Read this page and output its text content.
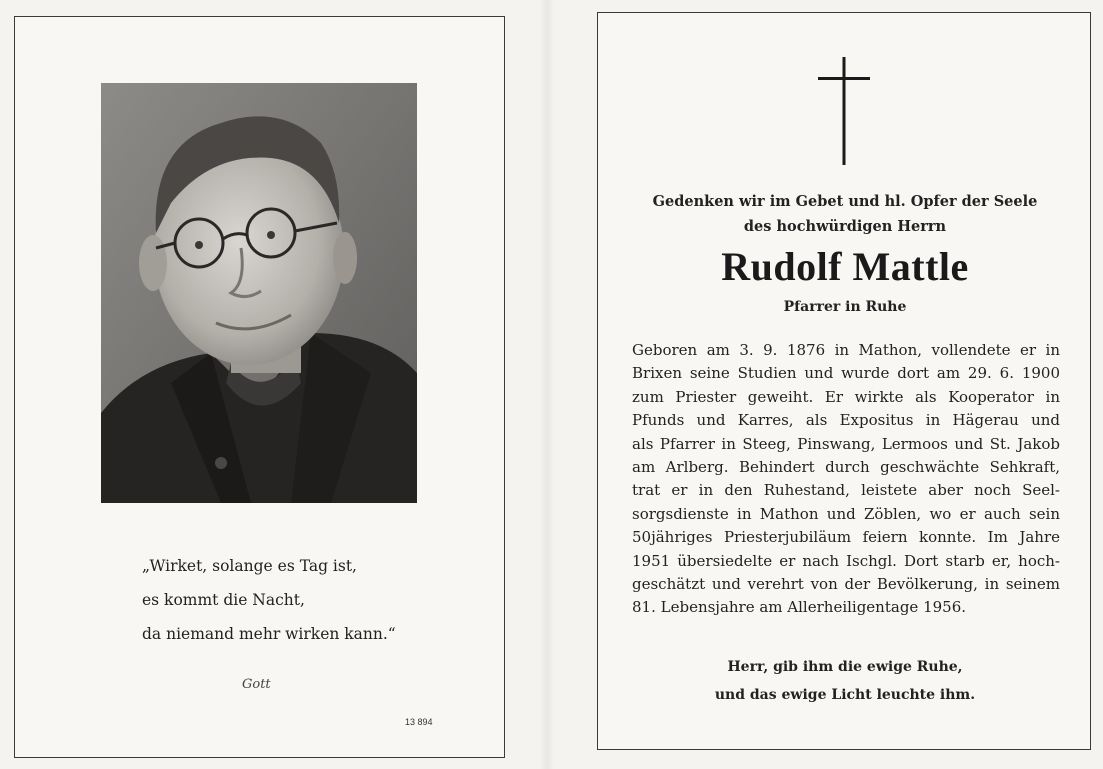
„Wirket, solange es Tag ist,
es kommt die Nacht,
da niemand mehr wirken kann.“
Gott
13 894
Gedenken wir im Gebet und hl. Opfer der Seele
des hochwürdigen Herrn
Rudolf Mattle
Pfarrer in Ruhe
Geboren am 3. 9. 1876 in Mathon, vollendete er in
Brixen seine Studien und wurde dort am 29. 6. 1900
zum Priester geweiht. Er wirkte als Kooperator in
Pfunds und Karres, als Expositus in Hägerau und
als Pfarrer in Steeg, Pinswang, Lermoos und St. Jakob
am Arlberg. Behindert durch geschwächte Sehkraft,
trat er in den Ruhestand, leistete aber noch Seel-
sorgsdienste in Mathon und Zöblen, wo er auch sein
50jähriges Priesterjubiläum feiern konnte. Im Jahre
1951 übersiedelte er nach Ischgl. Dort starb er, hoch-
geschätzt und verehrt von der Bevölkerung, in seinem
81. Lebensjahre am Allerheiligentage 1956.
Herr, gib ihm die ewige Ruhe,
und das ewige Licht leuchte ihm.
